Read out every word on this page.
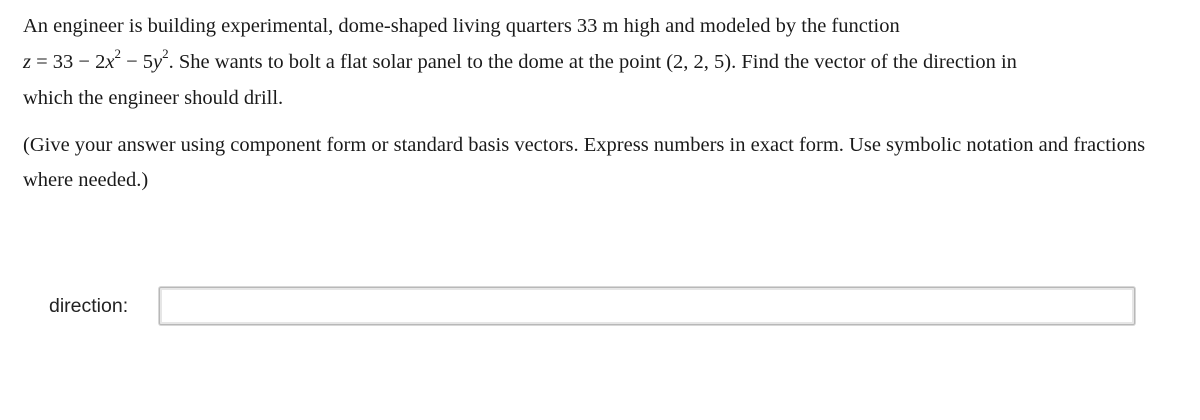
An engineer is building experimental, dome-shaped living quarters 33 m high and modeled by the function
$z = 33 - 2x^2 - 5y^2$. She wants to bolt a flat solar panel to the dome at the point (2, 2, 5). Find the vector of the direction in
which the engineer should drill.

(Give your answer using component form or standard basis vectors. Express numbers in exact form. Use symbolic notation and fractions where needed.)

direction:
